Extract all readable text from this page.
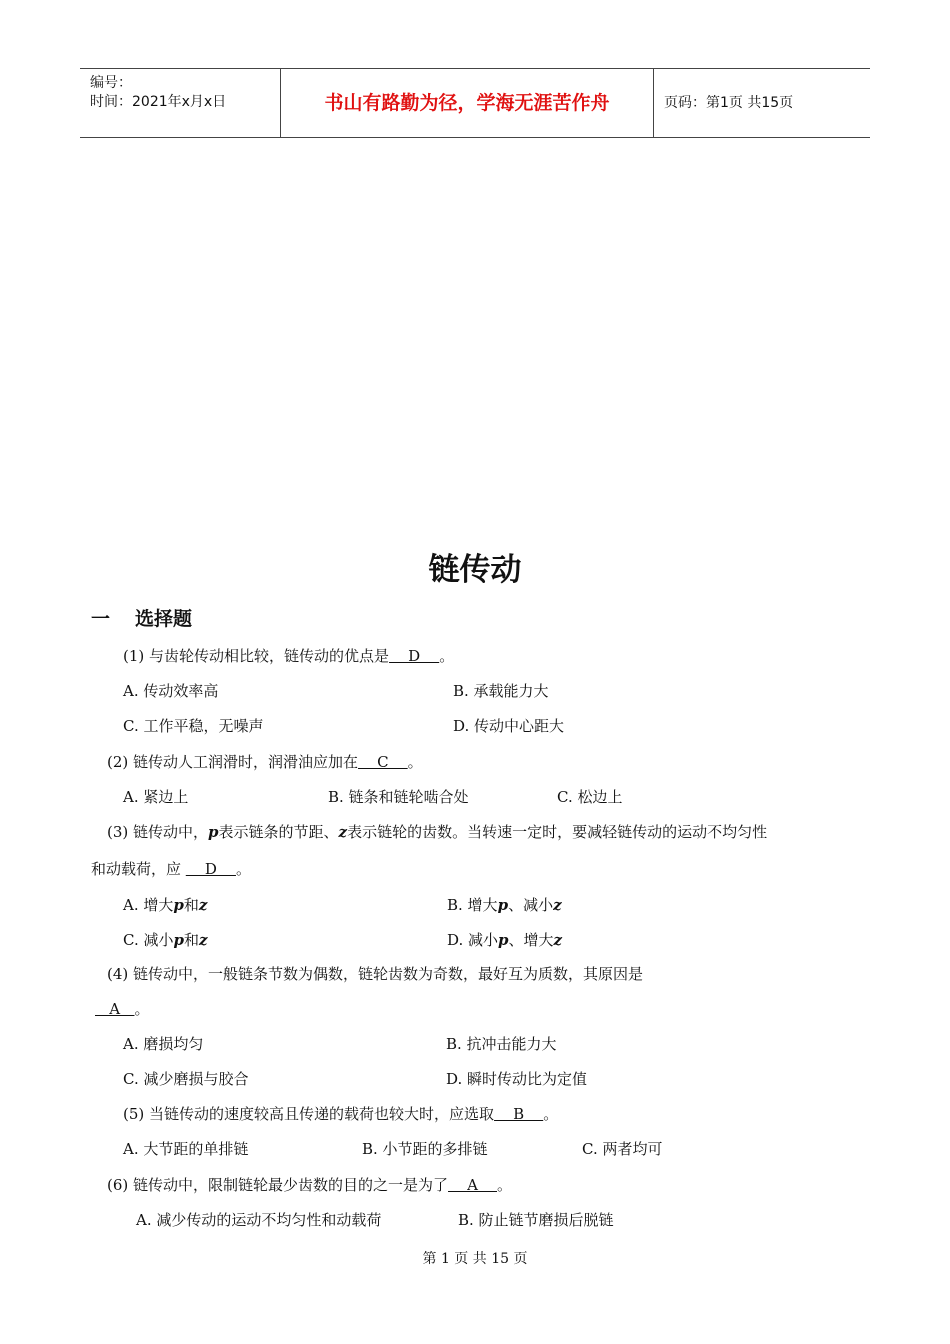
编号：
时间：2021年x月x日	书山有路勤为径，学海无涯苦作舟	页码：第1页 共15页
链传动
一 选择题
(1) 与齿轮传动相比较，链传动的优点是    D    。
A. 传动效率高	B. 承载能力大
C. 工作平稳，无噪声	D. 传动中心距大
(2) 链传动人工润滑时，润滑油应加在    C    。
A. 紧边上	B. 链条和链轮啮合处	C. 松边上
(3) 链传动中，p表示链条的节距、z表示链轮的齿数。当转速一定时，要减轻链传动的运动不均匀性
和动载荷，应     D    。
A. 增大p和z	B. 增大p、减小z
C. 减小p和z	D. 减小p、增大z
(4) 链传动中，一般链条节数为偶数，链轮齿数为奇数，最好互为质数，其原因是
A   。
A. 磨损均匀	B. 抗冲击能力大
C. 减少磨损与胶合	D. 瞬时传动比为定值
(5) 当链传动的速度较高且传递的载荷也较大时，应选取    B    。
A. 大节距的单排链	B. 小节距的多排链	C. 两者均可
(6) 链传动中，限制链轮最少齿数的目的之一是为了    A    。
A. 减少传动的运动不均匀性和动载荷	B. 防止链节磨损后脱链
第 1 页 共 15 页
